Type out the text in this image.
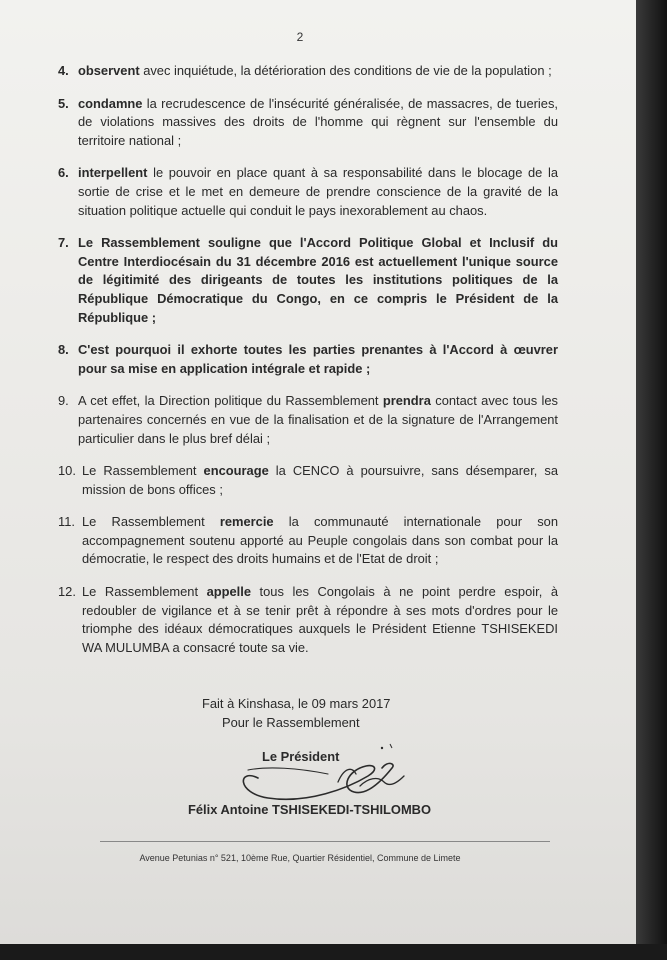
2
4. observent avec inquiétude, la détérioration des conditions de vie de la population ;
5. condamne la recrudescence de l'insécurité généralisée, de massacres, de tueries, de violations massives des droits de l'homme qui règnent sur l'ensemble du territoire national ;
6. interpellent le pouvoir en place quant à sa responsabilité dans le blocage de la sortie de crise et le met en demeure de prendre conscience de la gravité de la situation politique actuelle qui conduit le pays inexorablement au chaos.
7. Le Rassemblement souligne que l'Accord Politique Global et Inclusif du Centre Interdiocésain du 31 décembre 2016 est actuellement l'unique source de légitimité des dirigeants de toutes les institutions politiques de la République Démocratique du Congo, en ce compris le Président de la République ;
8. C'est pourquoi il exhorte toutes les parties prenantes à l'Accord à œuvrer pour sa mise en application intégrale et rapide ;
9. A cet effet, la Direction politique du Rassemblement prendra contact avec tous les partenaires concernés en vue de la finalisation et de la signature de l'Arrangement particulier dans le plus bref délai ;
10. Le Rassemblement encourage la CENCO à poursuivre, sans désemparer, sa mission de bons offices ;
11. Le Rassemblement remercie la communauté internationale pour son accompagnement soutenu apporté au Peuple congolais dans son combat pour la démocratie, le respect des droits humains et de l'Etat de droit ;
12. Le Rassemblement appelle tous les Congolais à ne point perdre espoir, à redoubler de vigilance et à se tenir prêt à répondre à ses mots d'ordres pour le triomphe des idéaux démocratiques auxquels le Président Etienne TSHISEKEDI WA MULUMBA a consacré toute sa vie.
Fait à Kinshasa, le 09 mars 2017
Pour le Rassemblement
Le Président
Félix Antoine TSHISEKEDI-TSHILOMBO
Avenue Petunias n° 521, 10ème Rue, Quartier Résidentiel, Commune de Limete
